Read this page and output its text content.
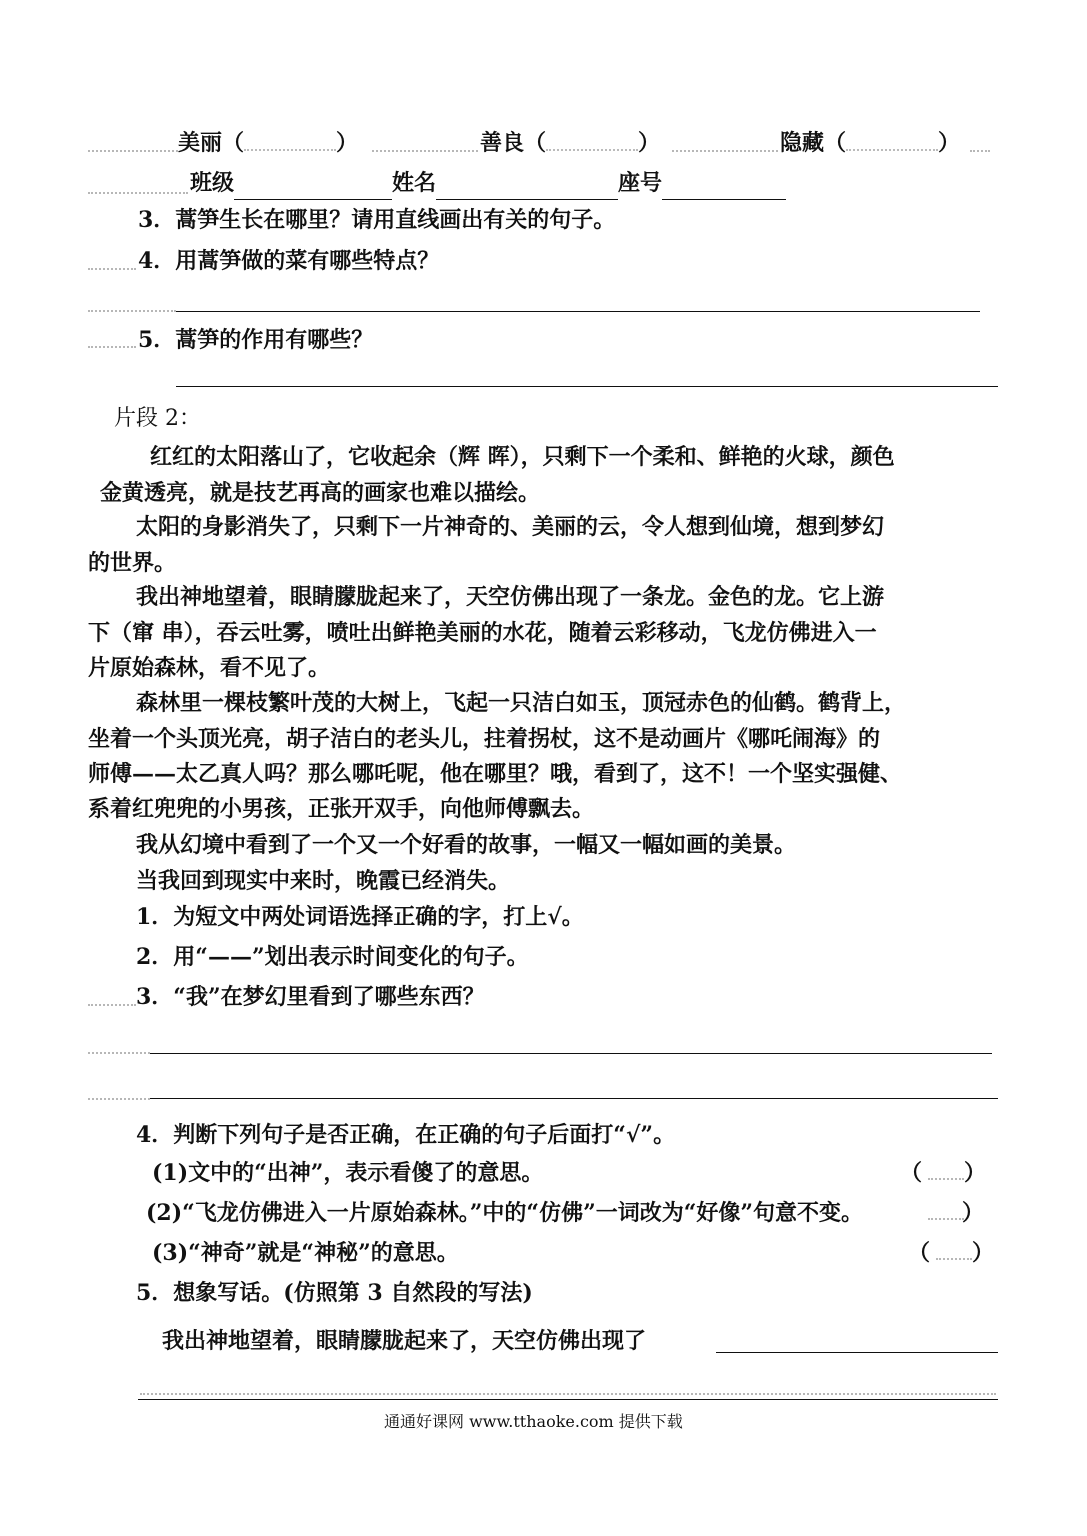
美丽（	）	善良（	）	隐藏（	）
班级	姓名	座号
3．蒿笋生长在哪里？请用直线画出有关的句子。
4．用蒿笋做的菜有哪些特点？
5．蒿笋的作用有哪些？
片段 2：
红红的太阳落山了，它收起余（辉 晖），只剩下一个柔和、鲜艳的火球，颜色
金黄透亮，就是技艺再高的画家也难以描绘。
太阳的身影消失了，只剩下一片神奇的、美丽的云，令人想到仙境，想到梦幻
的世界。
我出神地望着，眼睛朦胧起来了，天空仿佛出现了一条龙。金色的龙。它上游
下（窜 串），吞云吐雾，喷吐出鲜艳美丽的水花，随着云彩移动，飞龙仿佛进入一
片原始森林，看不见了。
森林里一棵枝繁叶茂的大树上，飞起一只洁白如玉，顶冠赤色的仙鹤。鹤背上，
坐着一个头顶光亮，胡子洁白的老头儿，拄着拐杖，这不是动画片《哪吒闹海》的
师傅——太乙真人吗？那么哪吒呢，他在哪里？哦，看到了，这不！一个坚实强健、
系着红兜兜的小男孩，正张开双手，向他师傅飘去。
我从幻境中看到了一个又一个好看的故事，一幅又一幅如画的美景。
当我回到现实中来时，晚霞已经消失。
1．为短文中两处词语选择正确的字，打上√。
2．用“——”划出表示时间变化的句子。
3．“我”在梦幻里看到了哪些东西？
4．判断下列句子是否正确，在正确的句子后面打“√”。
(1)文中的“出神”，表示看傻了的意思。	（ ）
(2)“飞龙仿佛进入一片原始森林。”中的“仿佛”一词改为“好像”句意不变。	）
(3)“神奇”就是“神秘”的意思。	（ ）
5．想象写话。(仿照第 3 自然段的写法)
我出神地望着，眼睛朦胧起来了，天空仿佛出现了
通通好课网 www.tthaoke.com 提供下载
